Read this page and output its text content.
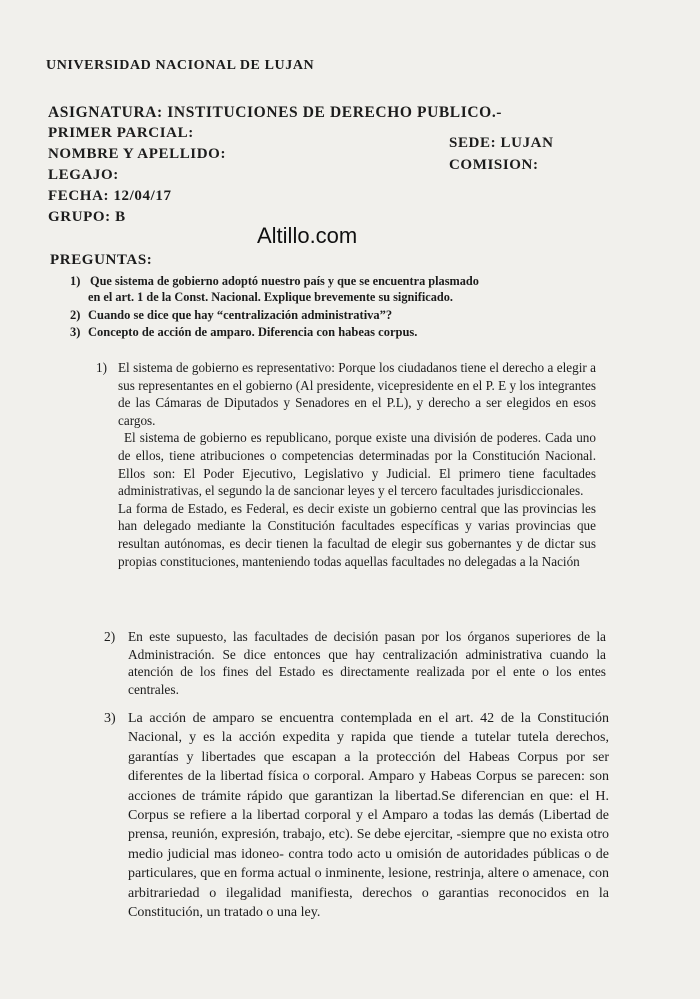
UNIVERSIDAD NACIONAL DE LUJAN
ASIGNATURA: INSTITUCIONES DE DERECHO PUBLICO.-
PRIMER PARCIAL:
NOMBRE Y APELLIDO:
LEGAJO:
FECHA: 12/04/17
GRUPO: B
SEDE: LUJAN
COMISION:
Altillo.com
PREGUNTAS:
1) Que sistema de gobierno adoptó nuestro país y que se encuentra plasmado
en el art. 1 de la Const. Nacional. Explique brevemente su significado.
2) Cuando se dice que hay “centralización administrativa”?
3) Concepto de acción de amparo. Diferencia con habeas corpus.
1) El sistema de gobierno es representativo: Porque los ciudadanos tiene el derecho a elegir a sus representantes en el gobierno (Al presidente, vicepresidente en el P. E y los integrantes de las Cámaras de Diputados y Senadores en el P.L), y derecho a ser elegidos en esos cargos.

El sistema de gobierno es republicano, porque existe una división de poderes. Cada uno de ellos, tiene atribuciones o competencias determinadas por la Constitución Nacional. Ellos son: El Poder Ejecutivo, Legislativo y Judicial. El primero tiene facultades administrativas, el segundo la de sancionar leyes y el tercero facultades jurisdiccionales.

La forma de Estado, es Federal, es decir existe un gobierno central que las provincias les han delegado mediante la Constitución facultades específicas y varias provincias que resultan autónomas, es decir tienen la facultad de elegir sus gobernantes y de dictar sus propias constituciones, manteniendo todas aquellas facultades no delegadas a la Nación

2) En este supuesto, las facultades de decisión pasan por los órganos superiores de la Administración. Se dice entonces que hay centralización administrativa cuando la atención de los fines del Estado es directamente realizada por el ente o los entes centrales.

3) La acción de amparo se encuentra contemplada en el art. 42 de la Constitución Nacional, y es la acción expedita y rapida que tiende a tutelar tutela derechos, garantías y libertades que escapan a la protección del Habeas Corpus por ser diferentes de la libertad física o corporal. Amparo y Habeas Corpus se parecen: son acciones de trámite rápido que garantizan la libertad.Se diferencian en que: el H. Corpus se refiere a la libertad corporal y el Amparo a todas las demás (Libertad de prensa, reunión, expresión, trabajo, etc). Se debe ejercitar, -siempre que no exista otro medio judicial mas idoneo- contra todo acto u omisión de autoridades públicas o de particulares, que en forma actual o inminente, lesione, restrinja, altere o amenace, con arbitrariedad o ilegalidad manifiesta, derechos o garantias reconocidos en la Constitución, un tratado o una ley.
